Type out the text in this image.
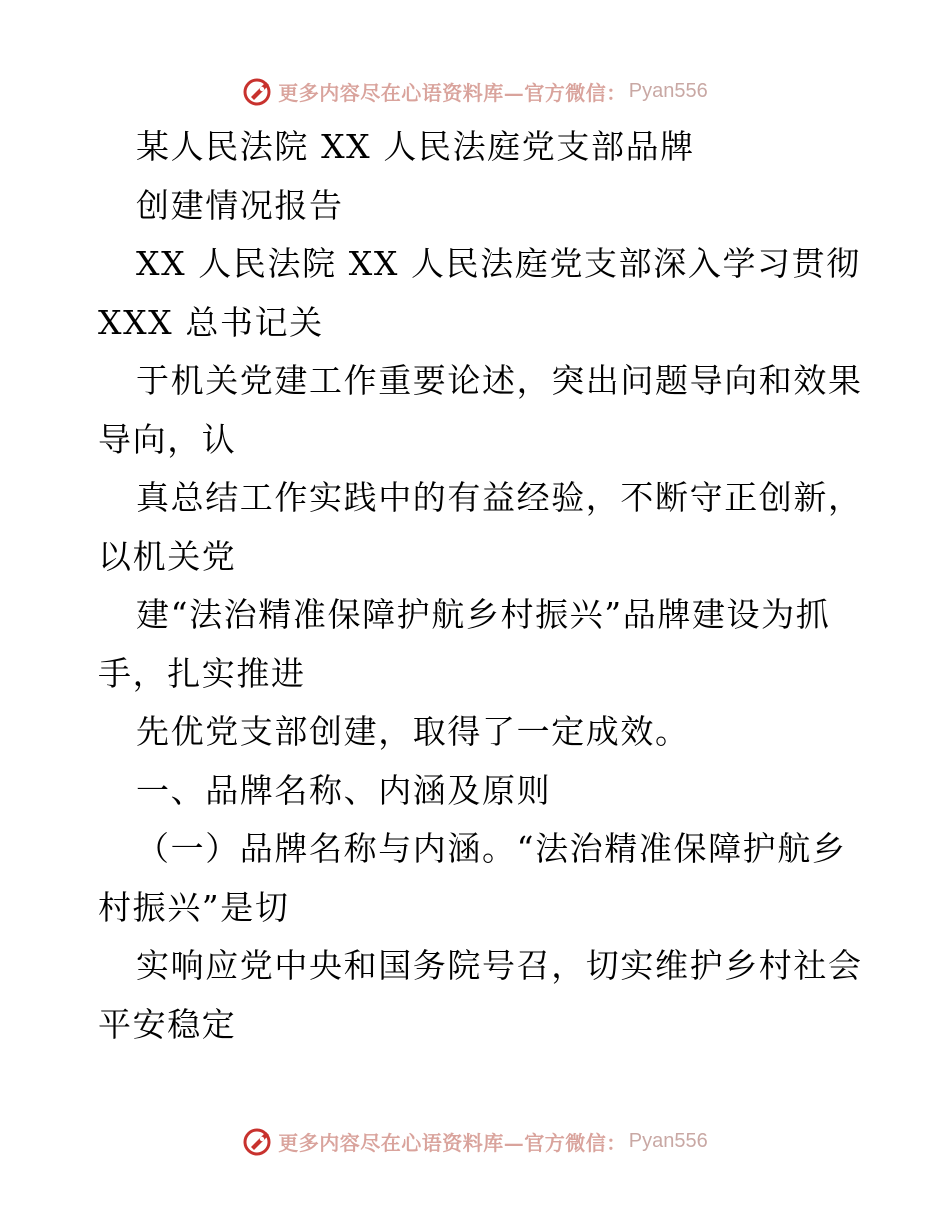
更多内容尽在心语资料库—官方微信： Pyan556
某人民法院 XX 人民法庭党支部品牌
创建情况报告
XX 人民法院 XX 人民法庭党支部深入学习贯彻
XXX 总书记关
于机关党建工作重要论述，突出问题导向和效果
导向，认
真总结工作实践中的有益经验，不断守正创新，
以机关党
建“法治精准保障护航乡村振兴”品牌建设为抓
手，扎实推进
先优党支部创建，取得了一定成效。
一、品牌名称、内涵及原则
（一）品牌名称与内涵。“法治精准保障护航乡
村振兴”是切
实响应党中央和国务院号召，切实维护乡村社会
平安稳定
更多内容尽在心语资料库—官方微信： Pyan556
